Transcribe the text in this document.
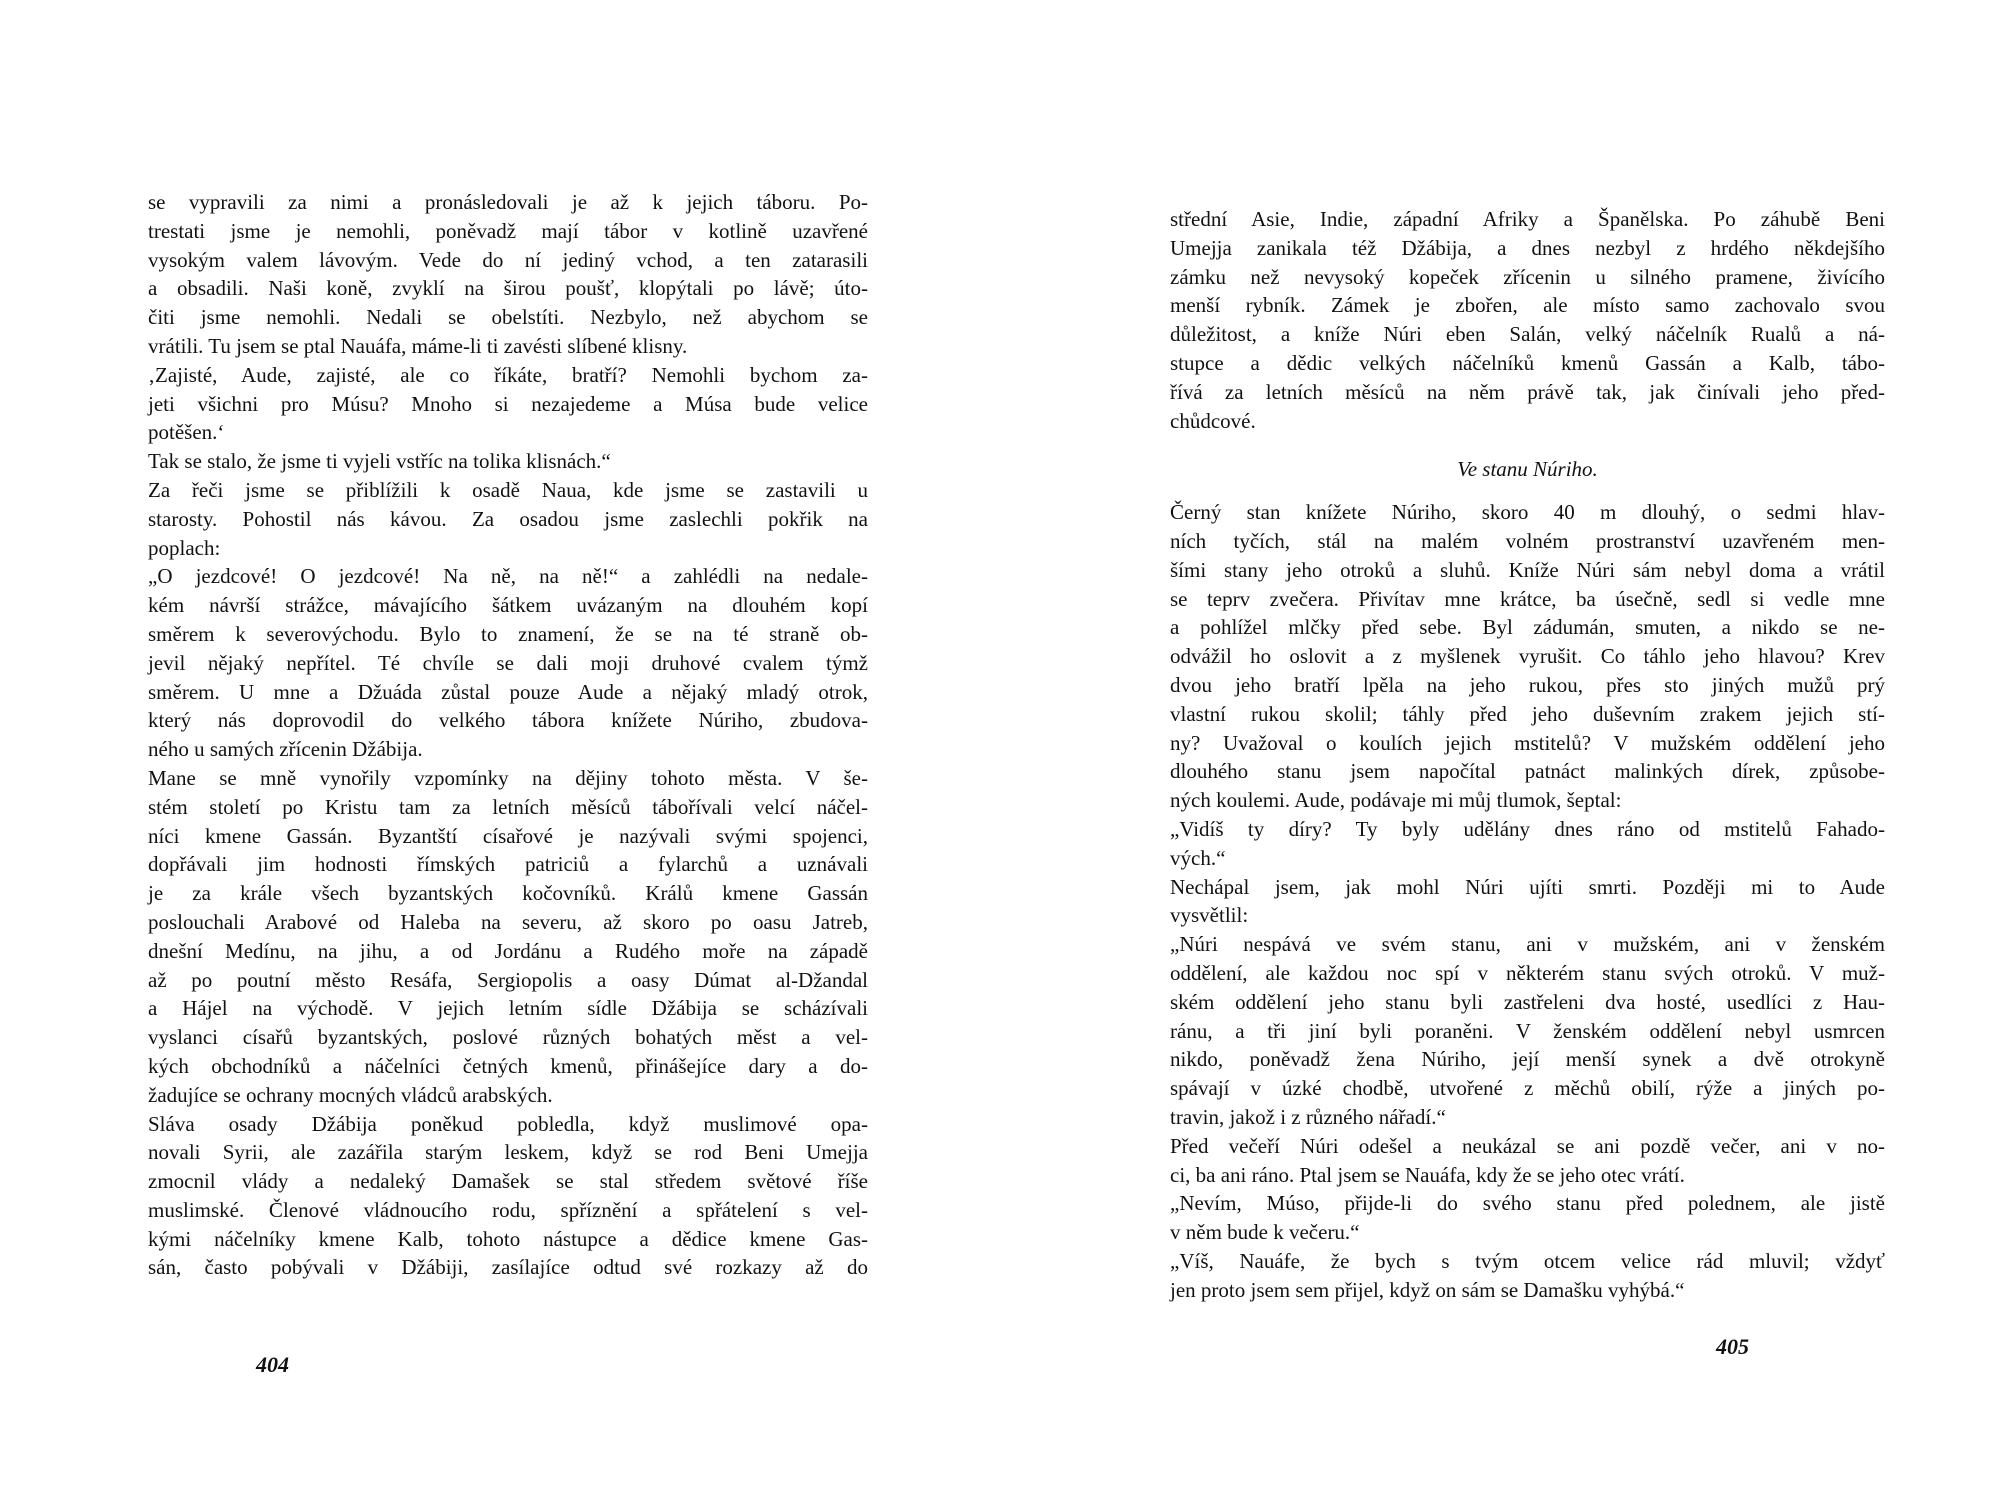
se vypravili za nimi a pronásledovali je až k jejich táboru. Po-

trestati jsme je nemohli, poněvadž mají tábor v kotlině uzavřené

vysokým valem lávovým. Vede do ní jediný vchod, a ten zatarasili

a obsadili. Naši koně, zvyklí na širou poušť, klopýtali po lávě; úto-

čiti jsme nemohli. Nedali se obelstíti. Nezbylo, než abychom se

vrátili. Tu jsem se ptal Nauáfa, máme-li ti zavésti slíbené klisny.

‚Zajisté, Aude, zajisté, ale co říkáte, bratří? Nemohli bychom za-

jeti všichni pro Músu? Mnoho si nezajedeme a Músa bude velice

potěšen.‘

Tak se stalo, že jsme ti vyjeli vstříc na tolika klisnách.“

Za řeči jsme se přiblížili k osadě Naua, kde jsme se zastavili u

starosty. Pohostil nás kávou. Za osadou jsme zaslechli pokřik na

poplach:

„O jezdcové! O jezdcové! Na ně, na ně!“ a zahlédli na nedale-

kém návrší strážce, mávajícího šátkem uvázaným na dlouhém kopí

směrem k severovýchodu. Bylo to znamení, že se na té straně ob-

jevil nějaký nepřítel. Té chvíle se dali moji druhové cvalem týmž

směrem. U mne a Džuáda zůstal pouze Aude a nějaký mladý otrok,

který nás doprovodil do velkého tábora knížete Núriho, zbudova-

ného u samých zřícenin Džábija.

Mane se mně vynořily vzpomínky na dějiny tohoto města. V še-

stém století po Kristu tam za letních měsíců tábořívali velcí náčel-

níci kmene Gassán. Byzantští císařové je nazývali svými spojenci,

dopřávali jim hodnosti římských patriciů a fylarchů a uznávali

je za krále všech byzantských kočovníků. Králů kmene Gassán

poslouchali Arabové od Haleba na severu, až skoro po oasu Jatreb,

dnešní Medínu, na jihu, a od Jordánu a Rudého moře na západě

až po poutní město Resáfa, Sergiopolis a oasy Dúmat al-Džandal

a Hájel na východě. V jejich letním sídle Džábija se scházívali

vyslanci císařů byzantských, poslové různých bohatých měst a vel-

kých obchodníků a náčelníci četných kmenů, přinášejíce dary a do-

žadujíce se ochrany mocných vládců arabských.

Sláva osady Džábija poněkud pobledla, když muslimové opa-

novali Syrii, ale zazářila starým leskem, když se rod Beni Umejja

zmocnil vlády a nedaleký Damašek se stal středem světové říše

muslimské. Členové vládnoucího rodu, spříznění a spřátelení s vel-

kými náčelníky kmene Kalb, tohoto nástupce a dědice kmene Gas-

sán, často pobývali v Džábiji, zasílajíce odtud své rozkazy až do

404

střední Asie, Indie, západní Afriky a Španělska. Po záhubě Beni

Umejja zanikala též Džábija, a dnes nezbyl z hrdého někdejšího

zámku než nevysoký kopeček zřícenin u silného pramene, živícího

menší rybník. Zámek je zbořen, ale místo samo zachovalo svou

důležitost, a kníže Núri eben Salán, velký náčelník Rualů a ná-

stupce a dědic velkých náčelníků kmenů Gassán a Kalb, tábo-

řívá za letních měsíců na něm právě tak, jak činívali jeho před-

chůdcové.

Ve stanu Núriho.

Černý stan knížete Núriho, skoro 40 m dlouhý, o sedmi hlav-

ních tyčích, stál na malém volném prostranství uzavřeném men-

šími stany jeho otroků a sluhů. Kníže Núri sám nebyl doma a vrátil

se teprv zvečera. Přivítav mne krátce, ba úsečně, sedl si vedle mne

a pohlížel mlčky před sebe. Byl zádumán, smuten, a nikdo se ne-

odvážil ho oslovit a z myšlenek vyrušit. Co táhlo jeho hlavou? Krev

dvou jeho bratří lpěla na jeho rukou, přes sto jiných mužů prý

vlastní rukou skolil; táhly před jeho duševním zrakem jejich stí-

ny? Uvažoval o koulích jejich mstitelů? V mužském oddělení jeho

dlouhého stanu jsem napočítal patnáct malinkých dírek, způsobe-

ných koulemi. Aude, podávaje mi můj tlumok, šeptal:

„Vidíš ty díry? Ty byly udělány dnes ráno od mstitelů Fahado-

vých.“

Nechápal jsem, jak mohl Núri ujíti smrti. Později mi to Aude

vysvětlil:

„Núri nespává ve svém stanu, ani v mužském, ani v ženském

oddělení, ale každou noc spí v některém stanu svých otroků. V muž-

ském oddělení jeho stanu byli zastřeleni dva hosté, usedlíci z Hau-

ránu, a tři jiní byli poraněni. V ženském oddělení nebyl usmrcen

nikdo, poněvadž žena Núriho, její menší synek a dvě otrokyně

spávají v úzké chodbě, utvořené z měchů obilí, rýže a jiných po-

travin, jakož i z různého nářadí.“

Před večeří Núri odešel a neukázal se ani pozdě večer, ani v no-

ci, ba ani ráno. Ptal jsem se Nauáfa, kdy že se jeho otec vrátí.

„Nevím, Múso, přijde-li do svého stanu před polednem, ale jistě

v něm bude k večeru.“

„Víš, Nauáfe, že bych s tvým otcem velice rád mluvil; vždyť

jen proto jsem sem přijel, když on sám se Damašku vyhýbá.“

405
